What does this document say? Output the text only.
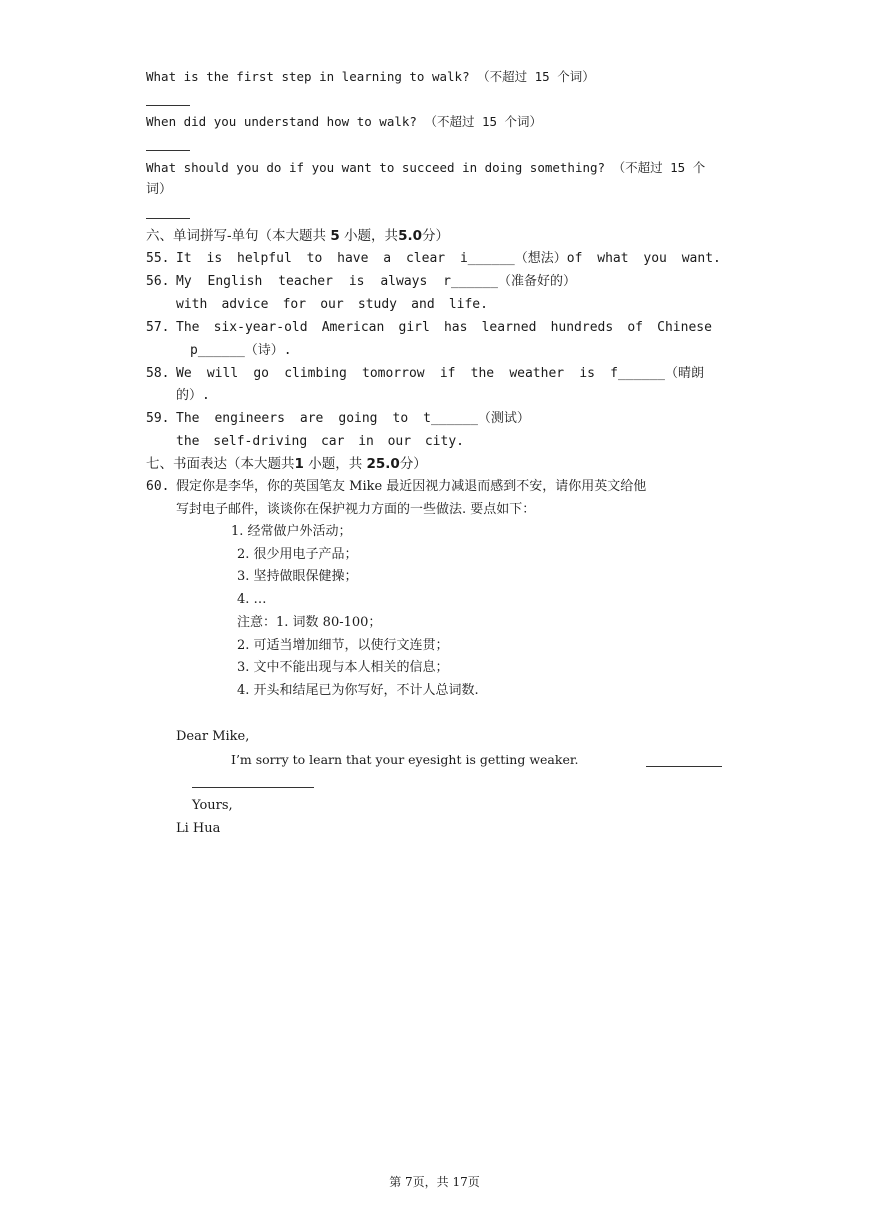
What is the first step in learning to walk? （不超过 15 个词）
When did you understand how to walk? （不超过 15 个词）
What should you do if you want to succeed in doing something? （不超过 15 个
词）
六、单词拼写-单句（本大题共 5 小题，共5.0分）
55. It is helpful to have a clear i______（想法）of what you want.
56. My English teacher is always r______（准备好的）
with advice for our study and life.
57. The six-year-old American girl has learned hundreds of Chinese
p______（诗）.
58. We will go climbing tomorrow if the weather is f______（晴朗
的）.
59. The engineers are going to t______（测试）
the self-driving car in our city.
七、书面表达（本大题共1 小题，共 25.0分）
60. 假定你是李华，你的英国笔友 Mike 最近因视力减退而感到不安，请你用英文给他
写封电子邮件，谈谈你在保护视力方面的一些做法. 要点如下：
1. 经常做户外活动；
2. 很少用电子产品；
3. 坚持做眼保健操；
4. …
注意：1. 词数 80-100；
2. 可适当增加细节，以使行文连贯；
3. 文中不能出现与本人相关的信息；
4. 开头和结尾已为你写好，不计人总词数.
Dear Mike,
I’m sorry to learn that your eyesight is getting weaker.
Yours,
Li Hua
第 7页，共 17页
